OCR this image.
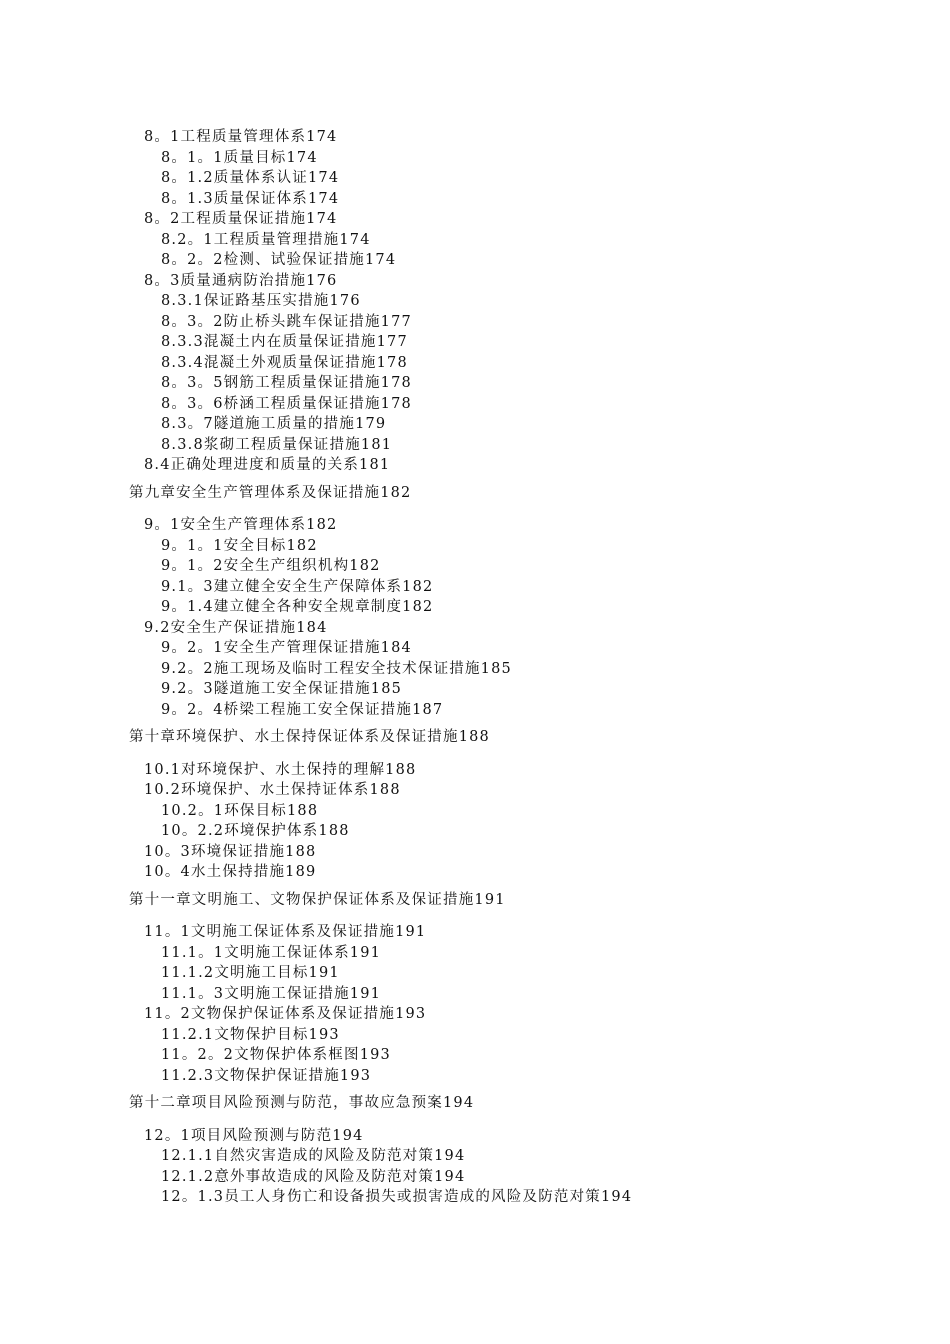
8。1工程质量管理体系174
8。1。1质量目标174
8。1.2质量体系认证174
8。1.3质量保证体系174
8。2工程质量保证措施174
8.2。1工程质量管理措施174
8。2。2检测、试验保证措施174
8。3质量通病防治措施176
8.3.1保证路基压实措施176
8。3。2防止桥头跳车保证措施177
8.3.3混凝土内在质量保证措施177
8.3.4混凝土外观质量保证措施178
8。3。5钢筋工程质量保证措施178
8。3。6桥涵工程质量保证措施178
8.3。7隧道施工质量的措施179
8.3.8浆砌工程质量保证措施181
8.4正确处理进度和质量的关系181
第九章安全生产管理体系及保证措施182
9。1安全生产管理体系182
9。1。1安全目标182
9。1。2安全生产组织机构182
9.1。3建立健全安全生产保障体系182
9。1.4建立健全各种安全规章制度182
9.2安全生产保证措施184
9。2。1安全生产管理保证措施184
9.2。2施工现场及临时工程安全技术保证措施185
9.2。3隧道施工安全保证措施185
9。2。4桥梁工程施工安全保证措施187
第十章环境保护、水土保持保证体系及保证措施188
10.1对环境保护、水土保持的理解188
10.2环境保护、水土保持证体系188
10.2。1环保目标188
10。2.2环境保护体系188
10。3环境保证措施188
10。4水土保持措施189
第十一章文明施工、文物保护保证体系及保证措施191
11。1文明施工保证体系及保证措施191
11.1。1文明施工保证体系191
11.1.2文明施工目标191
11.1。3文明施工保证措施191
11。2文物保护保证体系及保证措施193
11.2.1文物保护目标193
11。2。2文物保护体系框图193
11.2.3文物保护保证措施193
第十二章项目风险预测与防范，事故应急预案194
12。1项目风险预测与防范194
12.1.1自然灾害造成的风险及防范对策194
12.1.2意外事故造成的风险及防范对策194
12。1.3员工人身伤亡和设备损失或损害造成的风险及防范对策194
